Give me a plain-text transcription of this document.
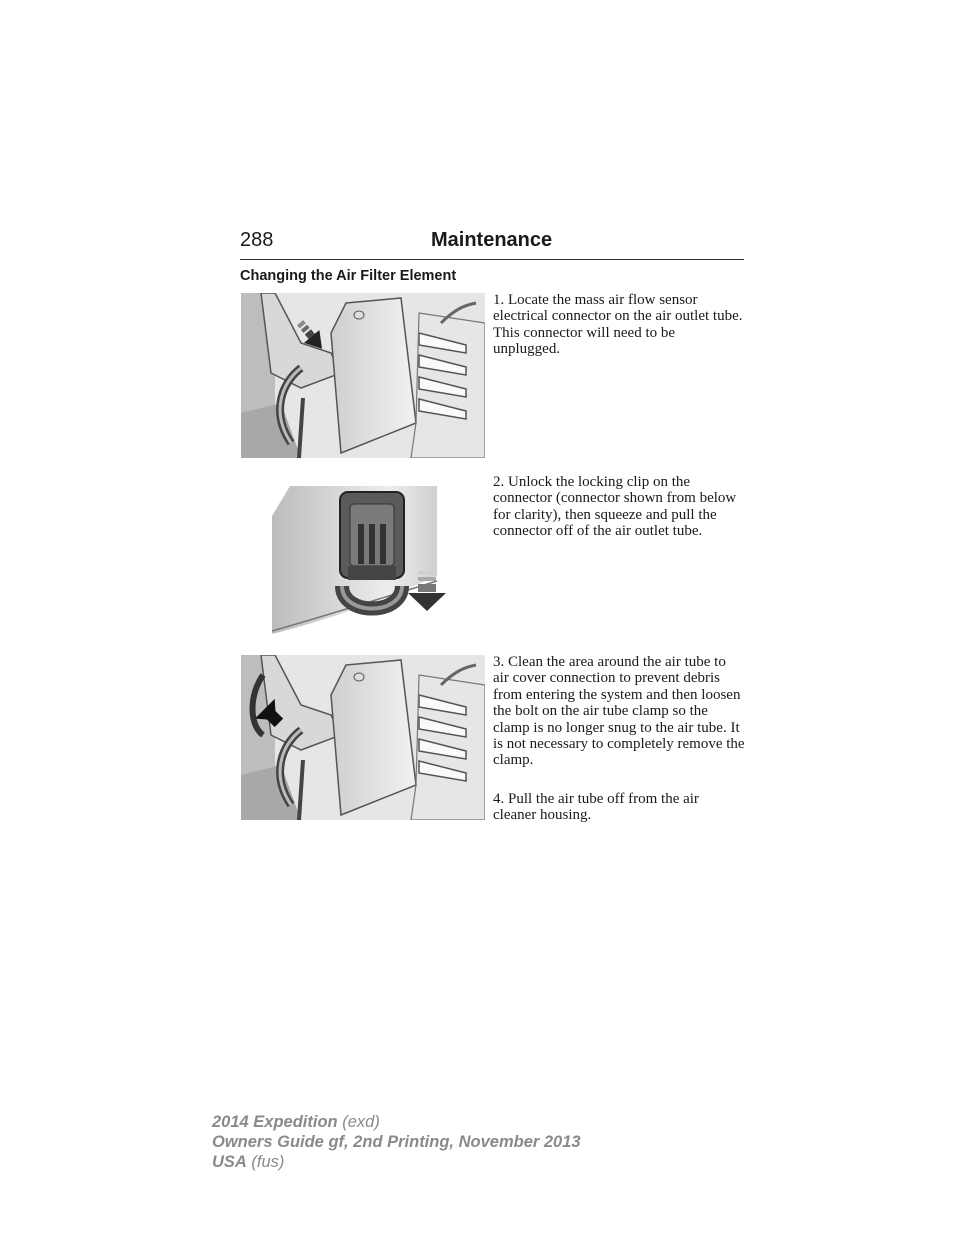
288	Maintenance
Changing the Air Filter Element

1. Locate the mass air flow sensor electrical connector on the air outlet tube. This connector will need to be unplugged.

2. Unlock the locking clip on the connector (connector shown from below for clarity), then squeeze and pull the connector off of the air outlet tube.

3. Clean the area around the air tube to air cover connection to prevent debris from entering the system and then loosen the bolt on the air tube clamp so the clamp is no longer snug to the air tube. It is not necessary to completely remove the clamp.

4. Pull the air tube off from the air cleaner housing.

2014 Expedition (exd)
Owners Guide gf, 2nd Printing, November 2013
USA (fus)
